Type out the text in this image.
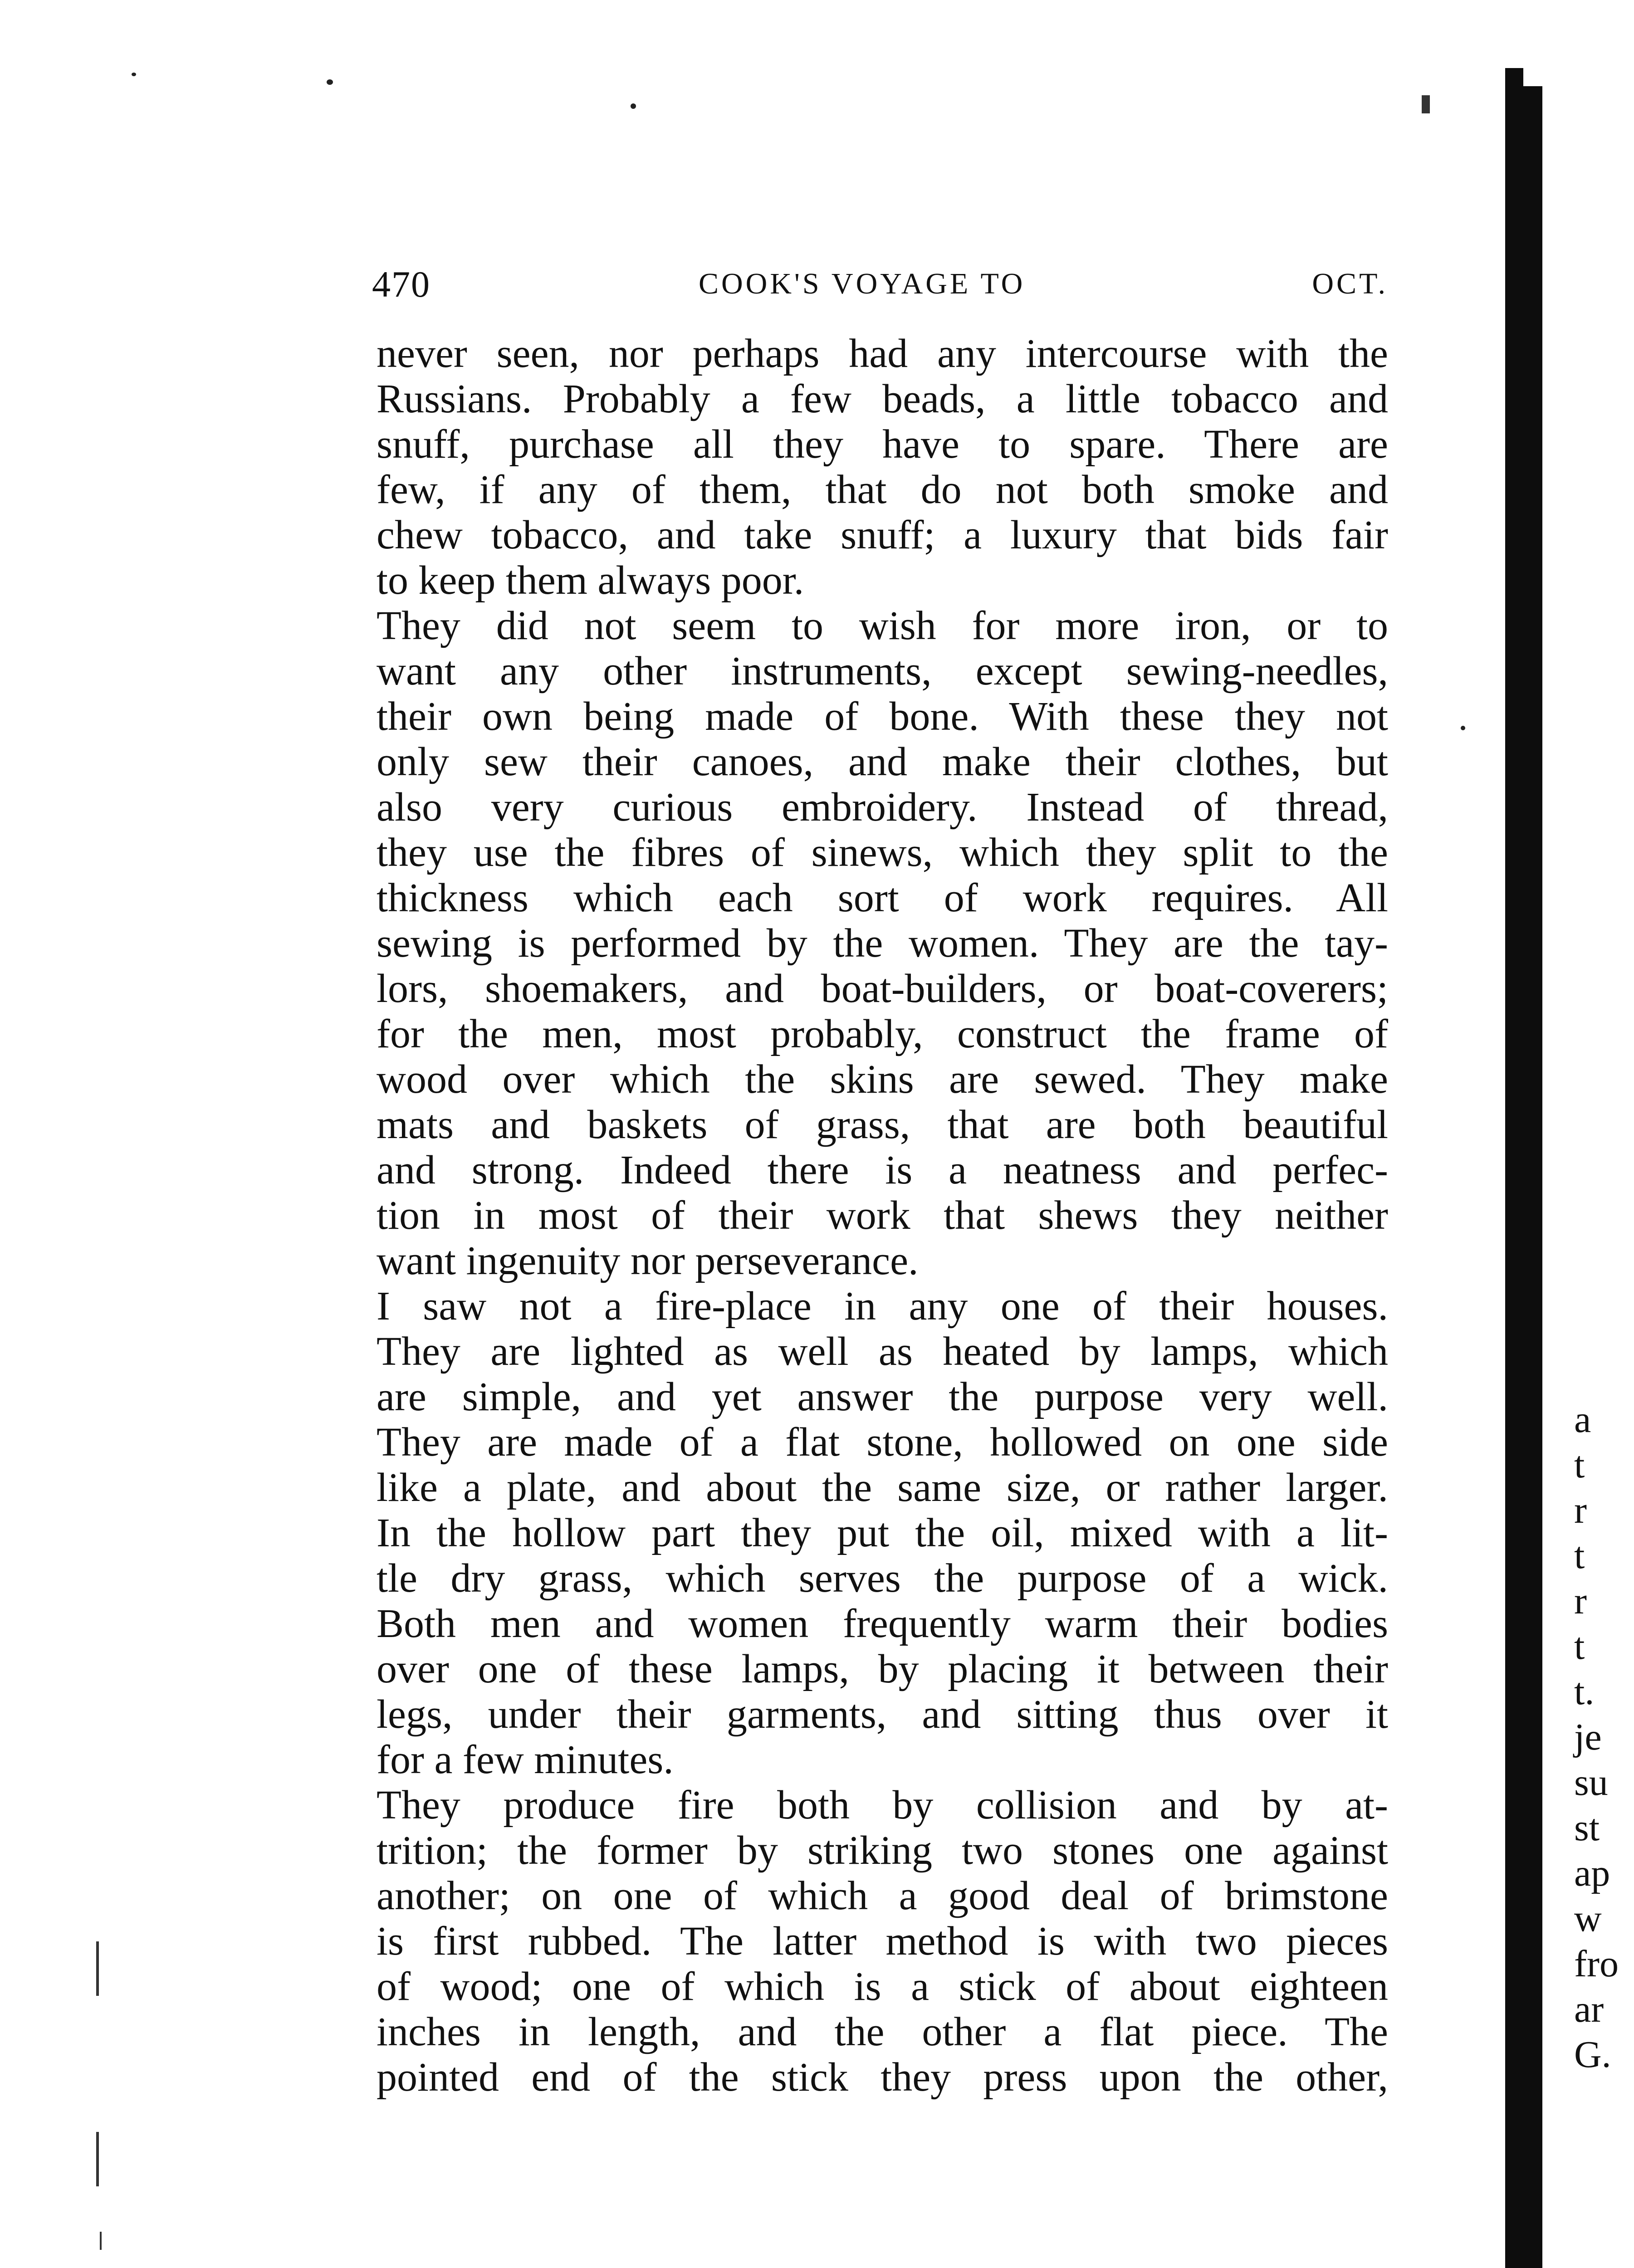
470	COOK'S VOYAGE TO	OCT.
never seen, nor perhaps had any intercourse with the
Russians. Probably a few beads, a little tobacco and
snuff, purchase all they have to spare. There are
few, if any of them, that do not both smoke and
chew tobacco, and take snuff; a luxury that bids fair
to keep them always poor.
They did not seem to wish for more iron, or to
want any other instruments, except sewing-needles,
their own being made of bone. With these they not
only sew their canoes, and make their clothes, but
also very curious embroidery. Instead of thread,
they use the fibres of sinews, which they split to the
thickness which each sort of work requires. All
sewing is performed by the women. They are the tay-
lors, shoemakers, and boat-builders, or boat-coverers;
for the men, most probably, construct the frame of
wood over which the skins are sewed. They make
mats and baskets of grass, that are both beautiful
and strong. Indeed there is a neatness and perfec-
tion in most of their work that shews they neither
want ingenuity nor perseverance.
I saw not a fire-place in any one of their houses.
They are lighted as well as heated by lamps, which
are simple, and yet answer the purpose very well.
They are made of a flat stone, hollowed on one side
like a plate, and about the same size, or rather larger.
In the hollow part they put the oil, mixed with a lit-
tle dry grass, which serves the purpose of a wick.
Both men and women frequently warm their bodies
over one of these lamps, by placing it between their
legs, under their garments, and sitting thus over it
for a few minutes.
They produce fire both by collision and by at-
trition; the former by striking two stones one against
another; on one of which a good deal of brimstone
is first rubbed. The latter method is with two pieces
of wood; one of which is a stick of about eighteen
inches in length, and the other a flat piece. The
pointed end of the stick they press upon the other,
a
t
r
t
r
t
t.
je
su
st
ap
w
fro
ar
G.
